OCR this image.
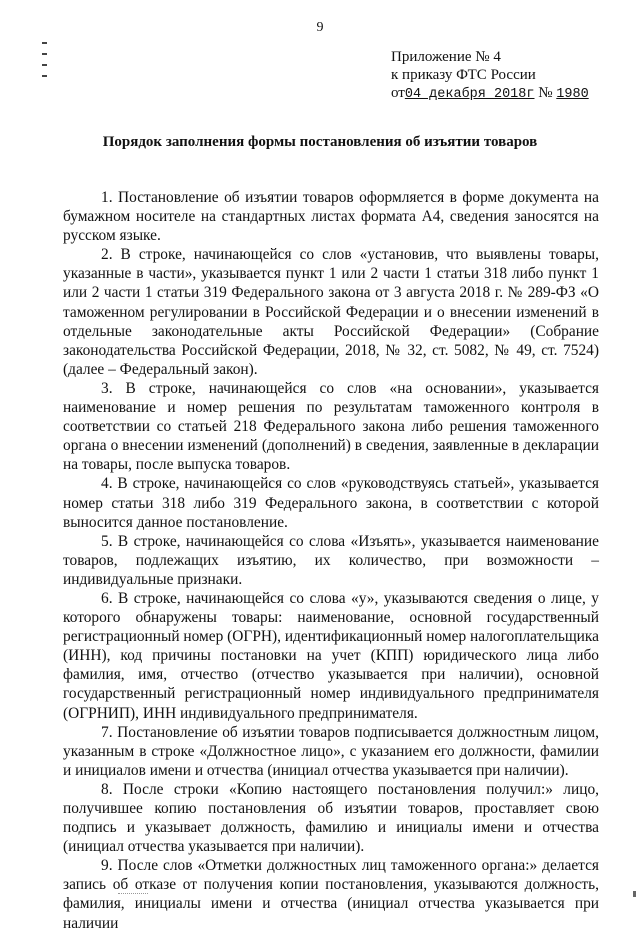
9
Приложение № 4
к приказу ФТС России
от04 декабря 2018г № 1980
Порядок заполнения формы постановления об изъятии товаров

1. Постановление об изъятии товаров оформляется в форме документа на бумажном носителе на стандартных листах формата А4, сведения заносятся на русском языке.

2. В строке, начинающейся со слов «установив, что выявлены товары, указанные в части», указывается пункт 1 или 2 части 1 статьи 318 либо пункт 1 или 2 части 1 статьи 319 Федерального закона от 3 августа 2018 г. № 289-ФЗ «О таможенном регулировании в Российской Федерации и о внесении изменений в отдельные законодательные акты Российской Федерации» (Собрание законодательства Российской Федерации, 2018, № 32, ст. 5082, № 49, ст. 7524) (далее – Федеральный закон).

3. В строке, начинающейся со слов «на основании», указывается наименование и номер решения по результатам таможенного контроля в соответствии со статьей 218 Федерального закона либо решения таможенного органа о внесении изменений (дополнений) в сведения, заявленные в декларации на товары, после выпуска товаров.

4. В строке, начинающейся со слов «руководствуясь статьей», указывается номер статьи 318 либо 319 Федерального закона, в соответствии с которой выносится данное постановление.

5. В строке, начинающейся со слова «Изъять», указывается наименование товаров, подлежащих изъятию, их количество, при возможности – индивидуальные признаки.

6. В строке, начинающейся со слова «у», указываются сведения о лице, у которого обнаружены товары: наименование, основной государственный регистрационный номер (ОГРН), идентификационный номер налогоплательщика (ИНН), код причины постановки на учет (КПП) юридического лица либо фамилия, имя, отчество (отчество указывается при наличии), основной государственный регистрационный номер индивидуального предпринимателя (ОГРНИП), ИНН индивидуального предпринимателя.

7. Постановление об изъятии товаров подписывается должностным лицом, указанным в строке «Должностное лицо», с указанием его должности, фамилии и инициалов имени и отчества (инициал отчества указывается при наличии).

8. После строки «Копию настоящего постановления получил:» лицо, получившее копию постановления об изъятии товаров, проставляет свою подпись и указывает должность, фамилию и инициалы имени и отчества (инициал отчества указывается при наличии).

9. После слов «Отметки должностных лиц таможенного органа:» делается запись об отказе от получения копии постановления, указываются должность, фамилия, инициалы имени и отчества (инициал отчества указывается при наличии
